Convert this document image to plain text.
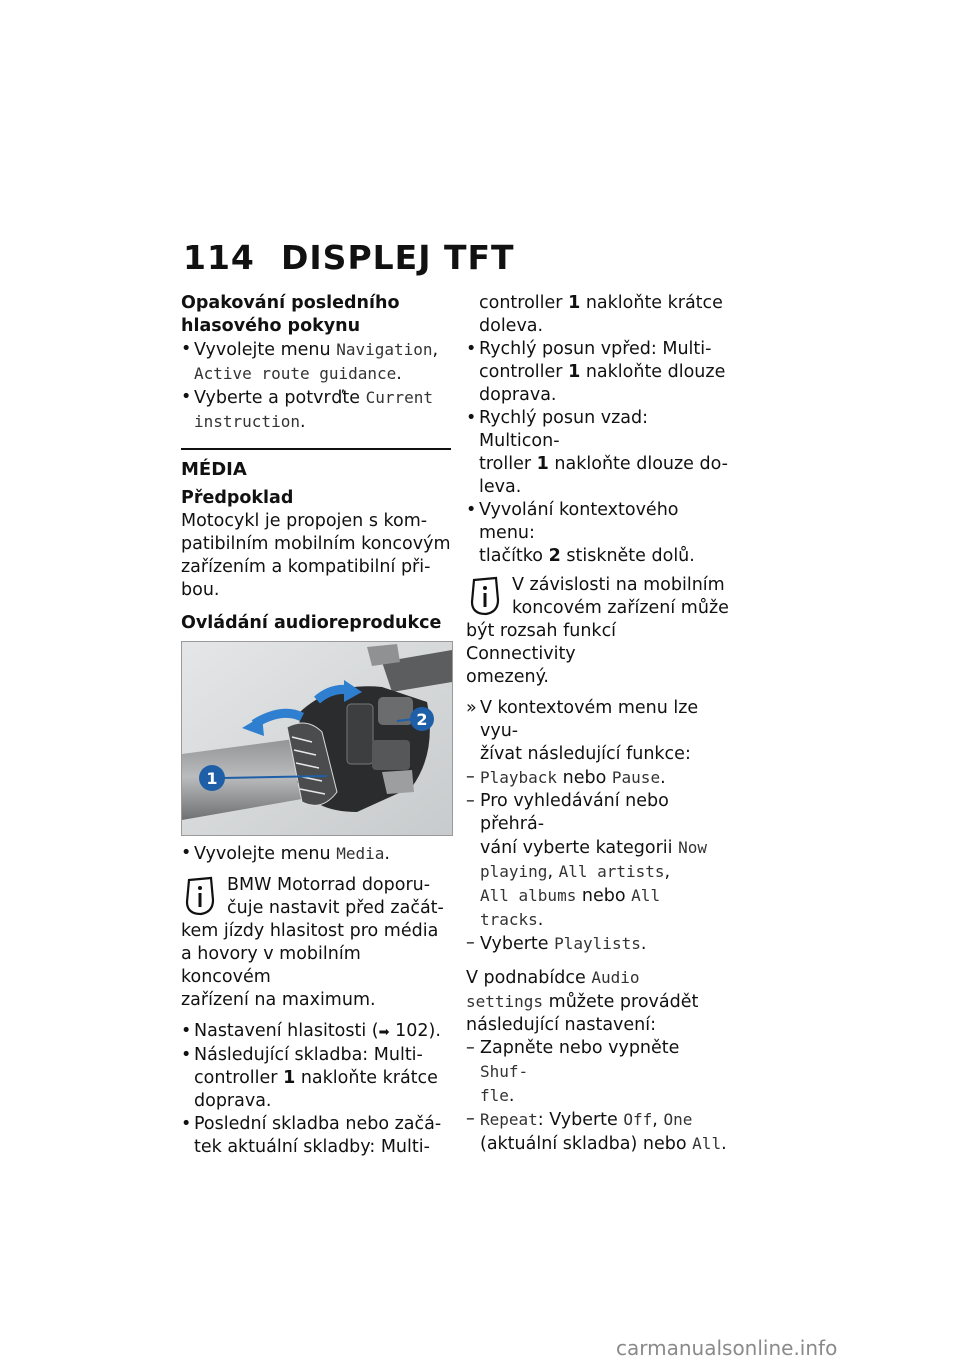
114 DISPLEJ TFT

Opakování posledního
hlasového pokynu

• Vyvolejte menu Navigation,
Active route guidance.

• Vyberte a potvrďte Current
instruction.

MÉDIA

Předpoklad

Motocykl je propojen s kom-
patibilním mobilním koncovým
zařízením a kompatibilní při-
bou.

Ovládání audioreprodukce

1
2

• Vyvolejte menu Media.

BMW Motorrad doporu-
čuje nastavit před začát-
kem jízdy hlasitost pro média
a hovory v mobilním koncovém
zařízení na maximum.

• Nastavení hlasitosti (➡ 102).

• Následující skladba: Multi-
controller 1 nakloňte krátce
doprava.

• Poslední skladba nebo začá-
tek aktuální skladby: Multi-

controller 1 nakloňte krátce
doleva.

• Rychlý posun vpřed: Multi-
controller 1 nakloňte dlouze
doprava.

• Rychlý posun vzad: Multicon-
troller 1 nakloňte dlouze do-
leva.

• Vyvolání kontextového menu:
tlačítko 2 stiskněte dolů.

V závislosti na mobilním
koncovém zařízení může
být rozsah funkcí Connectivity
omezený.

» V kontextovém menu lze vyu-
žívat následující funkce:

– Playback nebo Pause.

– Pro vyhledávání nebo přehrá-
vání vyberte kategorii Now
playing, All artists,
All albums nebo All
tracks.

– Vyberte Playlists.

V podnabídce Audio
settings můžete provádět
následující nastavení:

– Zapněte nebo vypněte Shuf-
fle.

– Repeat: Vyberte Off, One
(aktuální skladba) nebo All.

carmanualsonline.info
